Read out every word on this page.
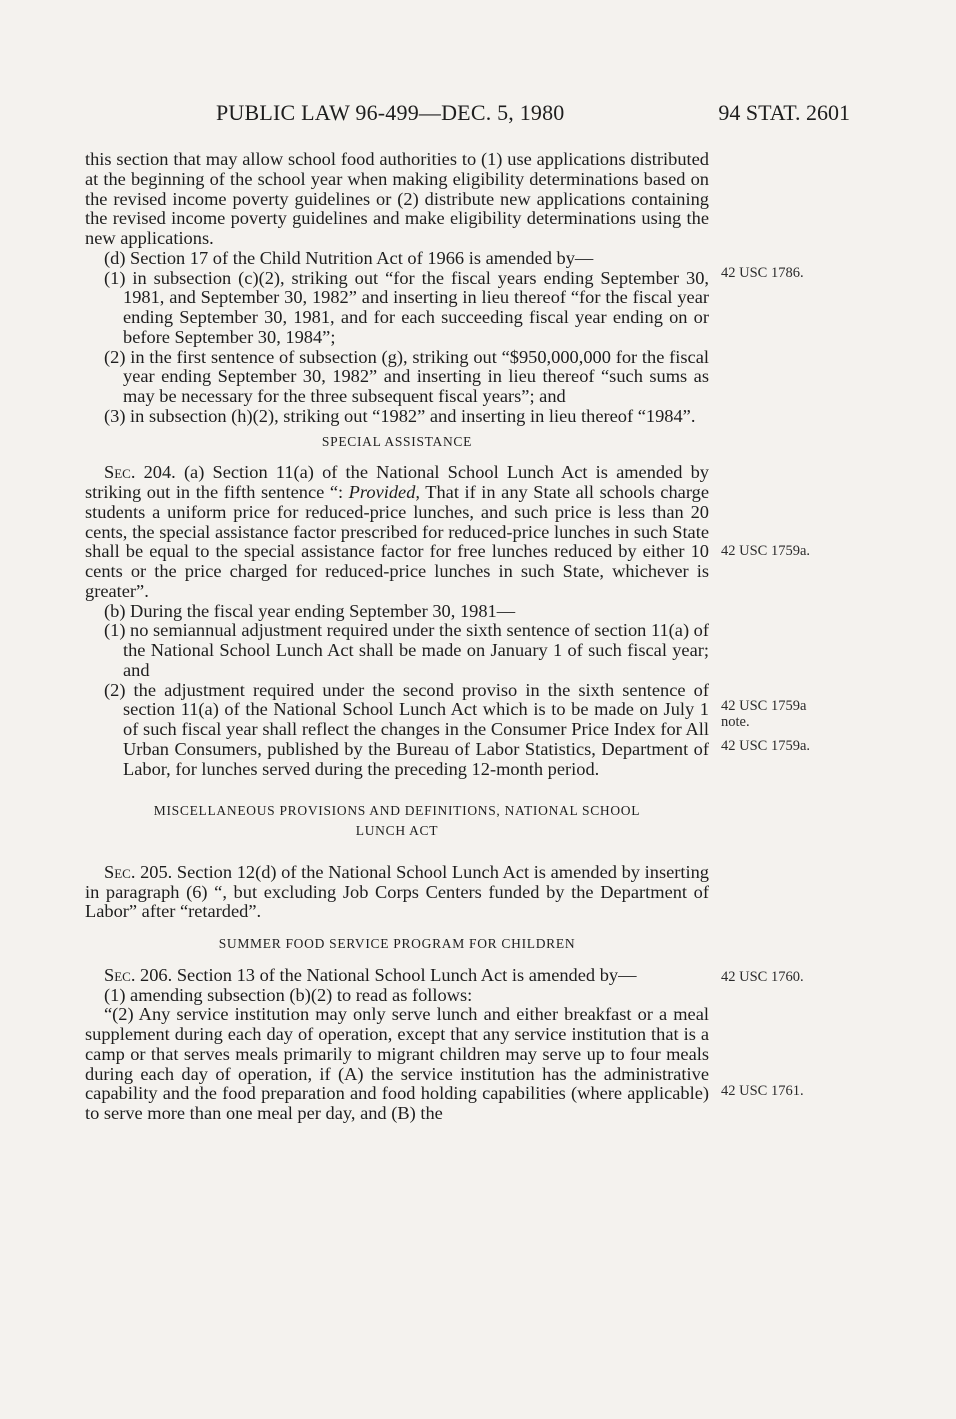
PUBLIC LAW 96-499—DEC. 5, 1980	94 STAT. 2601

this section that may allow school food authorities to (1) use applications distributed at the beginning of the school year when making eligibility determinations based on the revised income poverty guidelines or (2) distribute new applications containing the revised income poverty guidelines and make eligibility determinations using the new applications.

(d) Section 17 of the Child Nutrition Act of 1966 is amended by—

(1) in subsection (c)(2), striking out “for the fiscal years ending September 30, 1981, and September 30, 1982” and inserting in lieu thereof “for the fiscal year ending September 30, 1981, and for each succeeding fiscal year ending on or before September 30, 1984”;

(2) in the first sentence of subsection (g), striking out “$950,000,000 for the fiscal year ending September 30, 1982” and inserting in lieu thereof “such sums as may be necessary for the three subsequent fiscal years”; and

(3) in subsection (h)(2), striking out “1982” and inserting in lieu thereof “1984”.

SPECIAL ASSISTANCE

Sec. 204. (a) Section 11(a) of the National School Lunch Act is amended by striking out in the fifth sentence “: Provided, That if in any State all schools charge students a uniform price for reduced-price lunches, and such price is less than 20 cents, the special assistance factor prescribed for reduced-price lunches in such State shall be equal to the special assistance factor for free lunches reduced by either 10 cents or the price charged for reduced-price lunches in such State, whichever is greater”.

(b) During the fiscal year ending September 30, 1981—

(1) no semiannual adjustment required under the sixth sentence of section 11(a) of the National School Lunch Act shall be made on January 1 of such fiscal year; and

(2) the adjustment required under the second proviso in the sixth sentence of section 11(a) of the National School Lunch Act which is to be made on July 1 of such fiscal year shall reflect the changes in the Consumer Price Index for All Urban Consumers, published by the Bureau of Labor Statistics, Department of Labor, for lunches served during the preceding 12-month period.

MISCELLANEOUS PROVISIONS AND DEFINITIONS, NATIONAL SCHOOL

LUNCH ACT

Sec. 205. Section 12(d) of the National School Lunch Act is amended by inserting in paragraph (6) “, but excluding Job Corps Centers funded by the Department of Labor” after “retarded”.

SUMMER FOOD SERVICE PROGRAM FOR CHILDREN

Sec. 206. Section 13 of the National School Lunch Act is amended by—

(1) amending subsection (b)(2) to read as follows:

“(2) Any service institution may only serve lunch and either breakfast or a meal supplement during each day of operation, except that any service institution that is a camp or that serves meals primarily to migrant children may serve up to four meals during each day of operation, if (A) the service institution has the administrative capability and the food preparation and food holding capabilities (where applicable) to serve more than one meal per day, and (B) the

42 USC 1786.
42 USC 1759a.
42 USC 1759a
note.
42 USC 1759a.
42 USC 1760.
42 USC 1761.
